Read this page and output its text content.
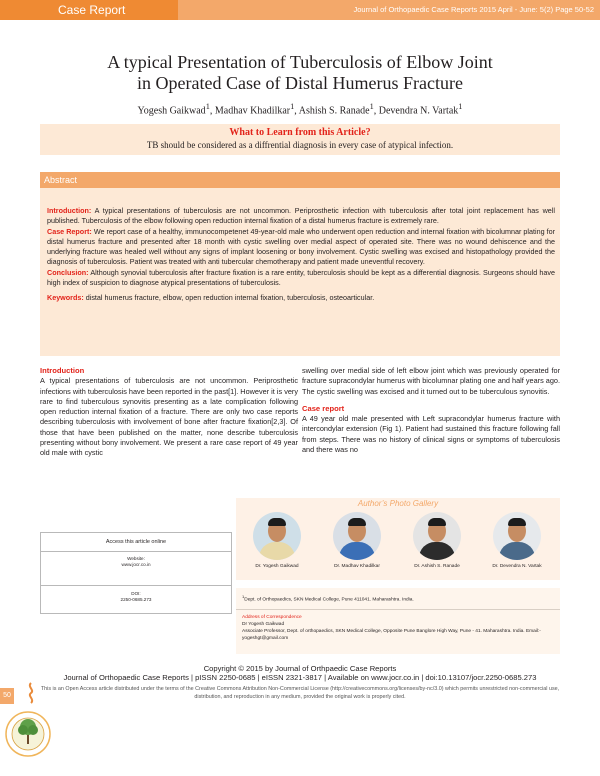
Case Report	Journal of Orthopaedic Case Reports 2015 April - June: 5(2) Page 50-52
A typical Presentation of Tuberculosis of Elbow Joint
in Operated Case of Distal Humerus Fracture
Yogesh Gaikwad$^1$, Madhav Khadilkar$^1$, Ashish S. Ranade$^1$, Devendra N. Vartak$^1$
What to Learn from this Article?
TB should be considered as a diffrential diagnosis in every case of atypical infection.
Abstract

Introduction: A typical presentations of tuberculosis are not uncommon. Periprosthetic infection with tuberculosis after total joint replacement has well published. Tuberculosis of the elbow following open reduction internal fixation of a distal humerus fracture is extremely rare.

Case Report: We report case of a healthy, immunocompetenet 49-year-old male who underwent open reduction and internal fixation with bicolumnar plating for distal humerus fracture and presented after 18 month with cystic swelling over medial aspect of operated site. There was no wound dehiscence and the underlying fracture was healed well without any signs of implant loosening or bony involvement. Cystic swelling was excised and histopathology provided the diagnosis of tuberculosis. Patient was treated with anti tubercular chemotherapy and patient made uneventful recovery.

Conclusion: Although synovial tuberculosis after fracture fixation is a rare entity, tuberculosis should be kept as a differential diagnosis. Surgeons should have high index of suspicion to diagnose atypical presentations of tuberculosis.

Keywords: distal humerus fracture, elbow, open reduction internal fixation, tuberculosis, osteoarticular.

Introduction

A typical presentations of tuberculosis are not uncommon. Periprosthetic infections with tuberculosis have been reported in the past[1]. However it is very rare to find tuberculous synovitis presenting as a late complication following open reduction internal fixation of a fracture. There are only two case reports describing tuberculosis with involvement of bone after fracture fixation[2,3]. Of those that have been published on the matter, none describe tuberculosis presenting without bony involvement. We present a rare case report of 49 year old male with cystic

swelling over medial side of left elbow joint which was previously operated for fracture supracondylar humerus with bicolumnar plating one and half years ago. The cystic swelling was excised and it turned out to be tuberculous synovitis.

Case report

A 49 year old male presented with Left supracondylar humerus fracture with intercondylar extension (Fig 1). Patient had sustained this fracture following fall from steps. There was no history of clinical signs or symptoms of tuberculosis and there was no

Author’s Photo Gallery
Dr. Yogesh Gaikwad	Dr. Madhav Khadilkar	Dr. Ashish S. Ranade	Dr. Devendra N. Vartak
Access this article online
Website:
www.jocr.co.in
DOI:
2250-0685.273
$^1$Dept. of Orthopaedics, SKN Medical College, Pune 411041. Maharashtra. India.
Address of Correspondence
Dr Yogesh Gaikwad
Associate Professor, Dept. of orthopaedics, SKN Medical College, Opposite Pune Banglore High Way, Pune - 41. Maharashtra. India. Email:- yogeshgt@gmail.com
Copyright © 2015 by Journal of Orthpaedic Case Reports
Journal of Orthopaedic Case Reports | pISSN 2250-0685 | eISSN 2321-3817 | Available on www.jocr.co.in | doi:10.13107/jocr.2250-0685.273
This is an Open Access article distributed under the terms of the Creative Commons Attribution Non-Commercial License (http://creativecommons.org/licenses/by-nc/3.0) which permits unrestricted non-commercial use, distribution, and reproduction in any medium, provided the original work is properly cited.
50
